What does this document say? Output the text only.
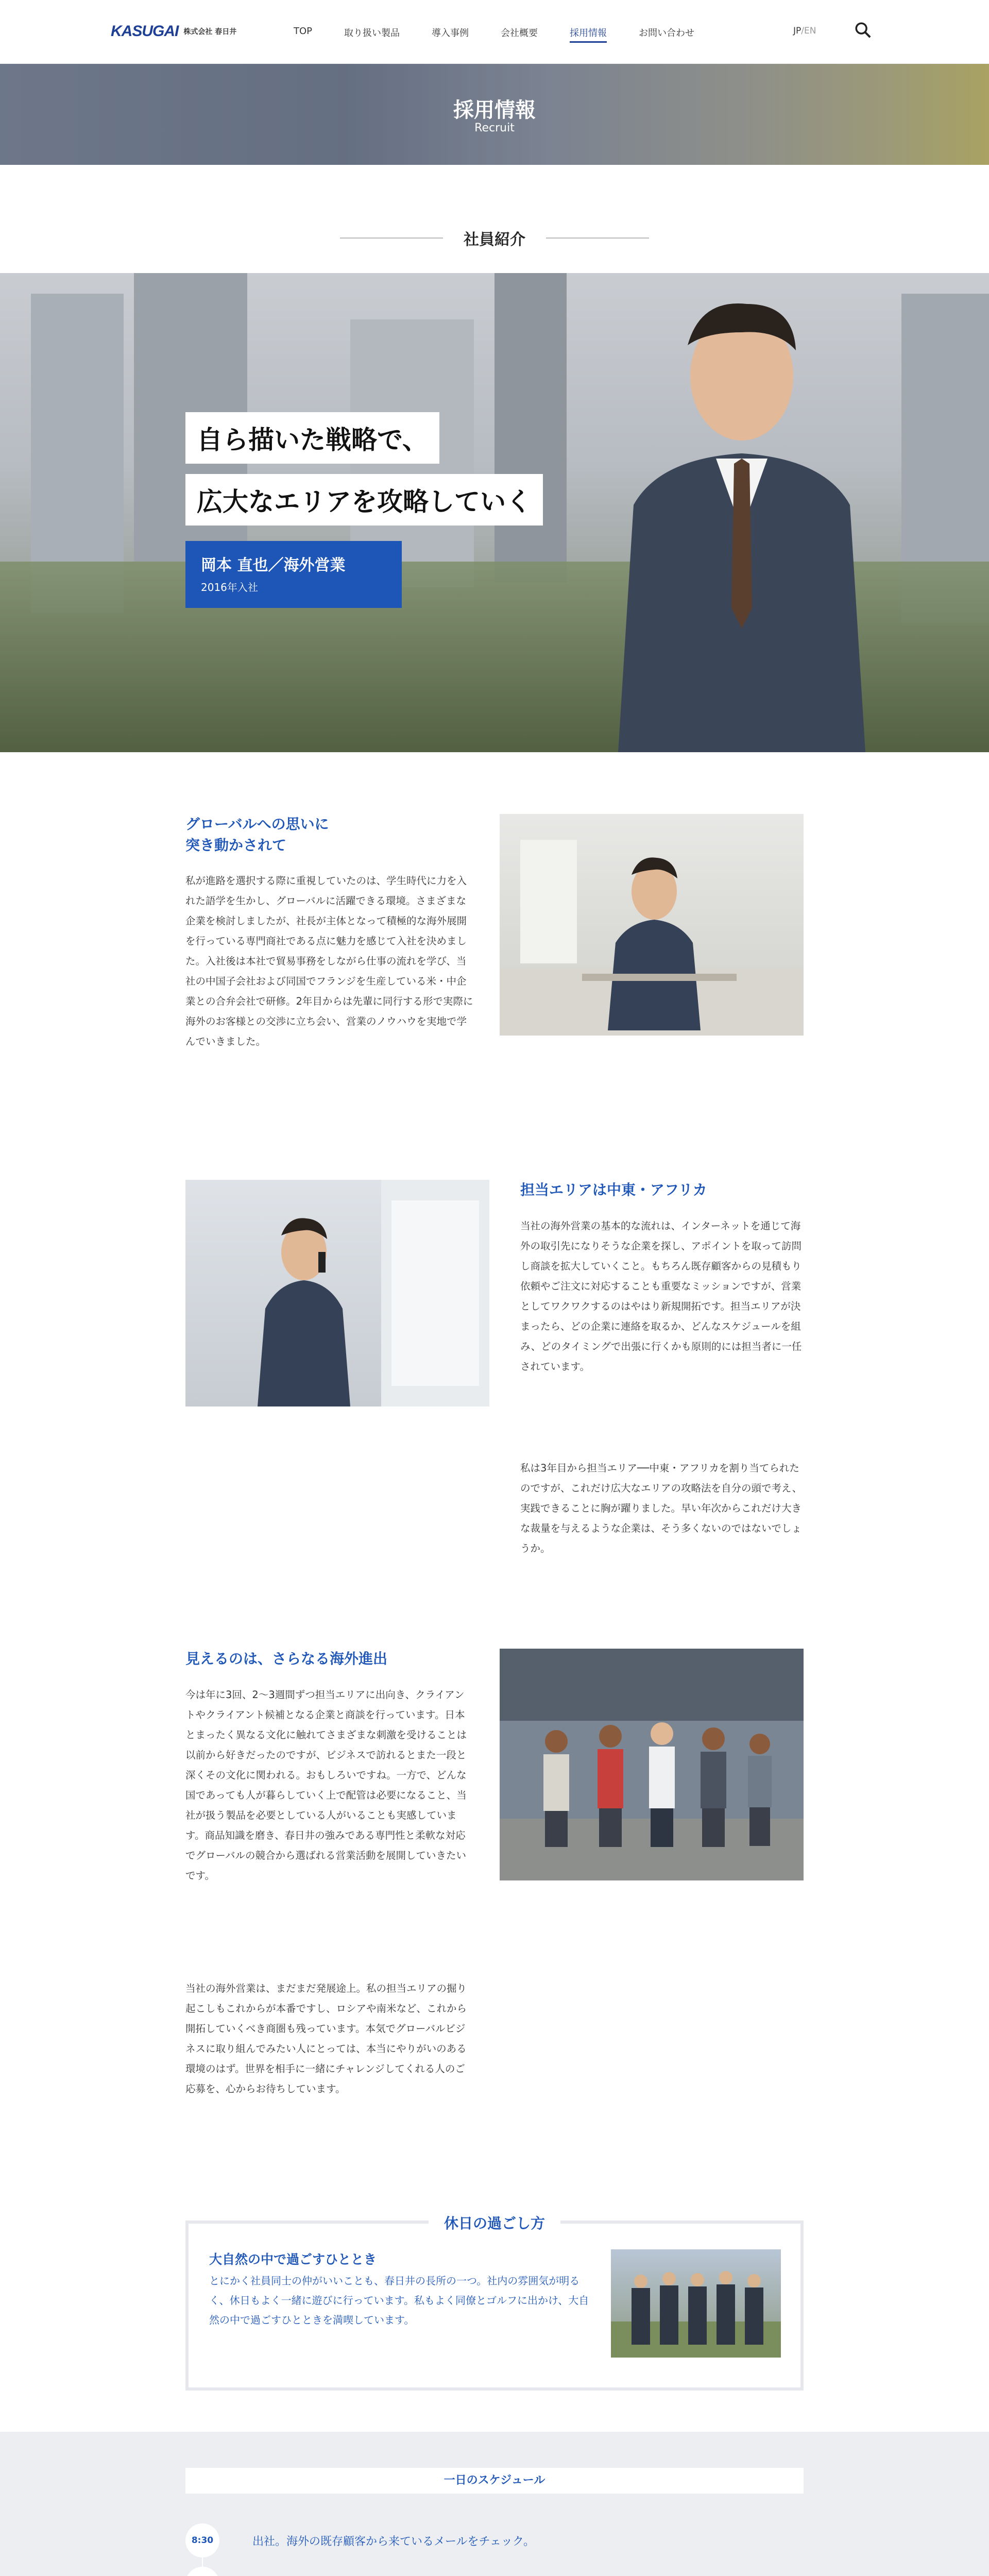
KASUGAI 株式会社 春日井	TOP	取り扱い製品	導入事例	会社概要	採用情報	お問い合わせ	JP/EN
採用情報
Recruit
社員紹介
自ら描いた戦略で、
広大なエリアを攻略していく
岡本 直也／海外営業
2016年入社
グローバルへの思いに
突き動かされて

私が進路を選択する際に重視していたのは、学生時代に力を入れた語学を生かし、グローバルに活躍できる環境。さまざまな企業を検討しましたが、社長が主体となって積極的な海外展開を行っている専門商社である点に魅力を感じて入社を決めました。入社後は本社で貿易事務をしながら仕事の流れを学び、当社の中国子会社および同国でフランジを生産している米・中企業との合弁会社で研修。2年目からは先輩に同行する形で実際に海外のお客様との交渉に立ち会い、営業のノウハウを実地で学んでいきました。

担当エリアは中東・アフリカ

当社の海外営業の基本的な流れは、インターネットを通じて海外の取引先になりそうな企業を探し、アポイントを取って訪問し商談を拡大していくこと。もちろん既存顧客からの見積もり依頼やご注文に対応することも重要なミッションですが、営業としてワクワクするのはやはり新規開拓です。担当エリアが決まったら、どの企業に連絡を取るか、どんなスケジュールを組み、どのタイミングで出張に行くかも原則的には担当者に一任されています。

私は3年目から担当エリア──中東・アフリカを割り当てられたのですが、これだけ広大なエリアの攻略法を自分の頭で考え、実践できることに胸が躍りました。早い年次からこれだけ大きな裁量を与えるような企業は、そう多くないのではないでしょうか。

見えるのは、さらなる海外進出

今は年に3回、2〜3週間ずつ担当エリアに出向き、クライアントやクライアント候補となる企業と商談を行っています。日本とまったく異なる文化に触れてさまざまな刺激を受けることは以前から好きだったのですが、ビジネスで訪れるとまた一段と深くその文化に関われる。おもしろいですね。一方で、どんな国であっても人が暮らしていく上で配管は必要になること、当社が扱う製品を必要としている人がいることも実感しています。商品知識を磨き、春日井の強みである専門性と柔軟な対応でグローバルの競合から選ばれる営業活動を展開していきたいです。

当社の海外営業は、まだまだ発展途上。私の担当エリアの掘り起こしもこれからが本番ですし、ロシアや南米など、これから開拓していくべき商圏も残っています。本気でグローバルビジネスに取り組んでみたい人にとっては、本当にやりがいのある環境のはず。世界を相手に一緒にチャレンジしてくれる人のご応募を、心からお待ちしています。

休日の過ごし方
大自然の中で過ごすひととき

とにかく社員同士の仲がいいことも、春日井の長所の一つ。社内の雰囲気が明るく、休日もよく一緒に遊びに行っています。私もよく同僚とゴルフに出かけ、大自然の中で過ごすひとときを満喫しています。

一日のスケジュール
8:30	出社。海外の既存顧客から来ているメールをチェック。
